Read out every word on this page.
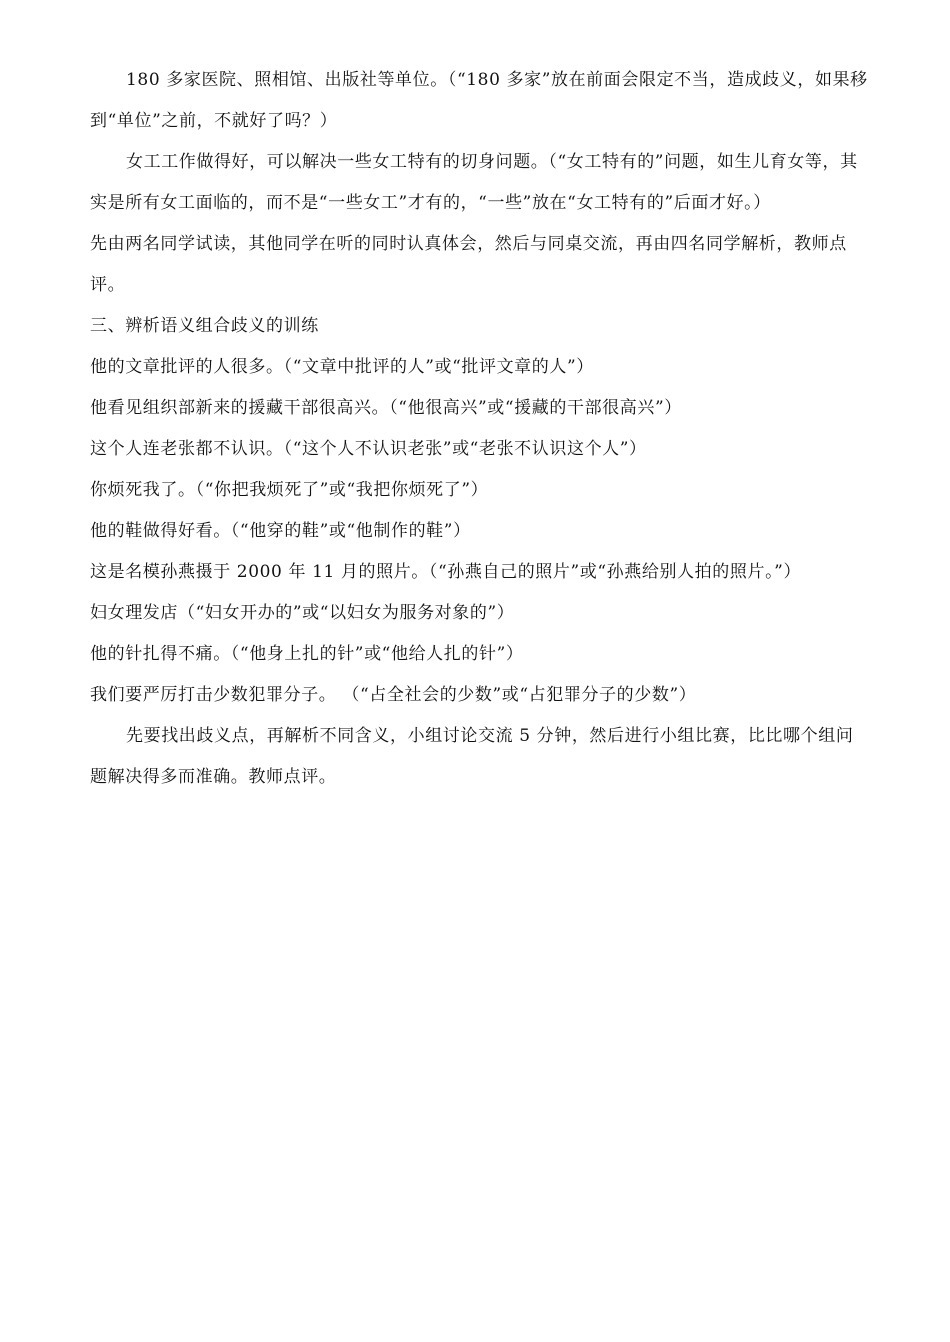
180 多家医院、照相馆、出版社等单位。（“180 多家”放在前面会限定不当，造成歧义，如果移到“单位”之前，不就好了吗？）

女工工作做得好，可以解决一些女工特有的切身问题。（“女工特有的”问题，如生儿育女等，其实是所有女工面临的，而不是“一些女工”才有的，“一些”放在“女工特有的”后面才好。）

先由两名同学试读，其他同学在听的同时认真体会，然后与同桌交流，再由四名同学解析，教师点评。

三、辨析语义组合歧义的训练

他的文章批评的人很多。（“文章中批评的人”或“批评文章的人”）

他看见组织部新来的援藏干部很高兴。（“他很高兴”或“援藏的干部很高兴”）

这个人连老张都不认识。（“这个人不认识老张”或“老张不认识这个人”）

你烦死我了。（“你把我烦死了”或“我把你烦死了”）

他的鞋做得好看。（“他穿的鞋”或“他制作的鞋”）

这是名模孙燕摄于 2000 年 11 月的照片。（“孙燕自己的照片”或“孙燕给别人拍的照片。”）

妇女理发店（“妇女开办的”或“以妇女为服务对象的”）

他的针扎得不痛。（“他身上扎的针”或“他给人扎的针”）

我们要严厉打击少数犯罪分子。 （“占全社会的少数”或“占犯罪分子的少数”）

先要找出歧义点，再解析不同含义，小组讨论交流 5 分钟，然后进行小组比赛，比比哪个组问题解决得多而准确。教师点评。
